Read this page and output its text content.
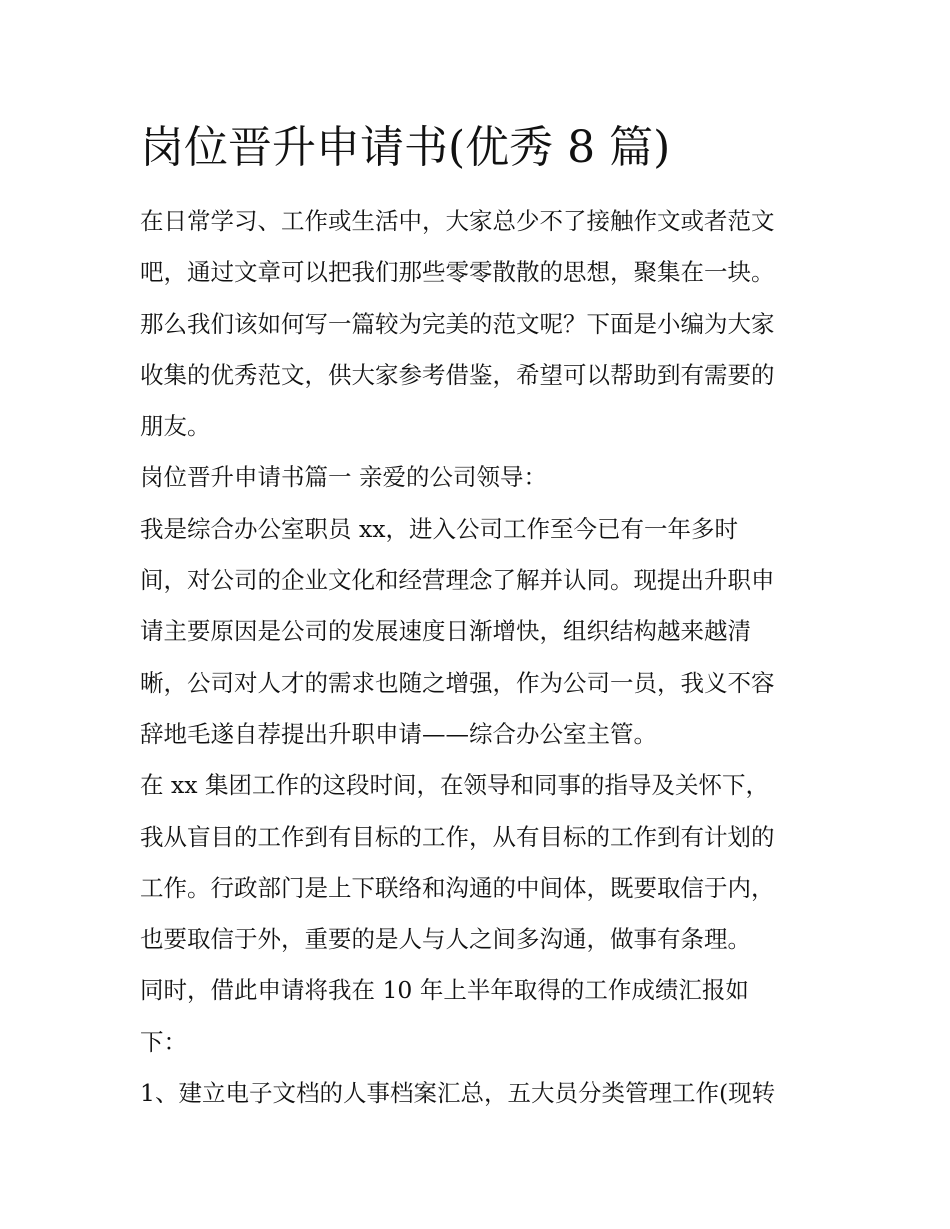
岗位晋升申请书(优秀 8 篇)

在日常学习、工作或生活中，大家总少不了接触作文或者范文

吧，通过文章可以把我们那些零零散散的思想，聚集在一块。

那么我们该如何写一篇较为完美的范文呢？下面是小编为大家

收集的优秀范文，供大家参考借鉴，希望可以帮助到有需要的

朋友。

岗位晋升申请书篇一 亲爱的公司领导：

我是综合办公室职员 xx，进入公司工作至今已有一年多时

间，对公司的企业文化和经营理念了解并认同。现提出升职申

请主要原因是公司的发展速度日渐增快，组织结构越来越清

晰，公司对人才的需求也随之增强，作为公司一员，我义不容

辞地毛遂自荐提出升职申请——综合办公室主管。

在 xx 集团工作的这段时间，在领导和同事的指导及关怀下，

我从盲目的工作到有目标的工作，从有目标的工作到有计划的

工作。行政部门是上下联络和沟通的中间体，既要取信于内，

也要取信于外，重要的是人与人之间多沟通，做事有条理。

同时，借此申请将我在 10 年上半年取得的工作成绩汇报如

下：

1、建立电子文档的人事档案汇总，五大员分类管理工作(现转
